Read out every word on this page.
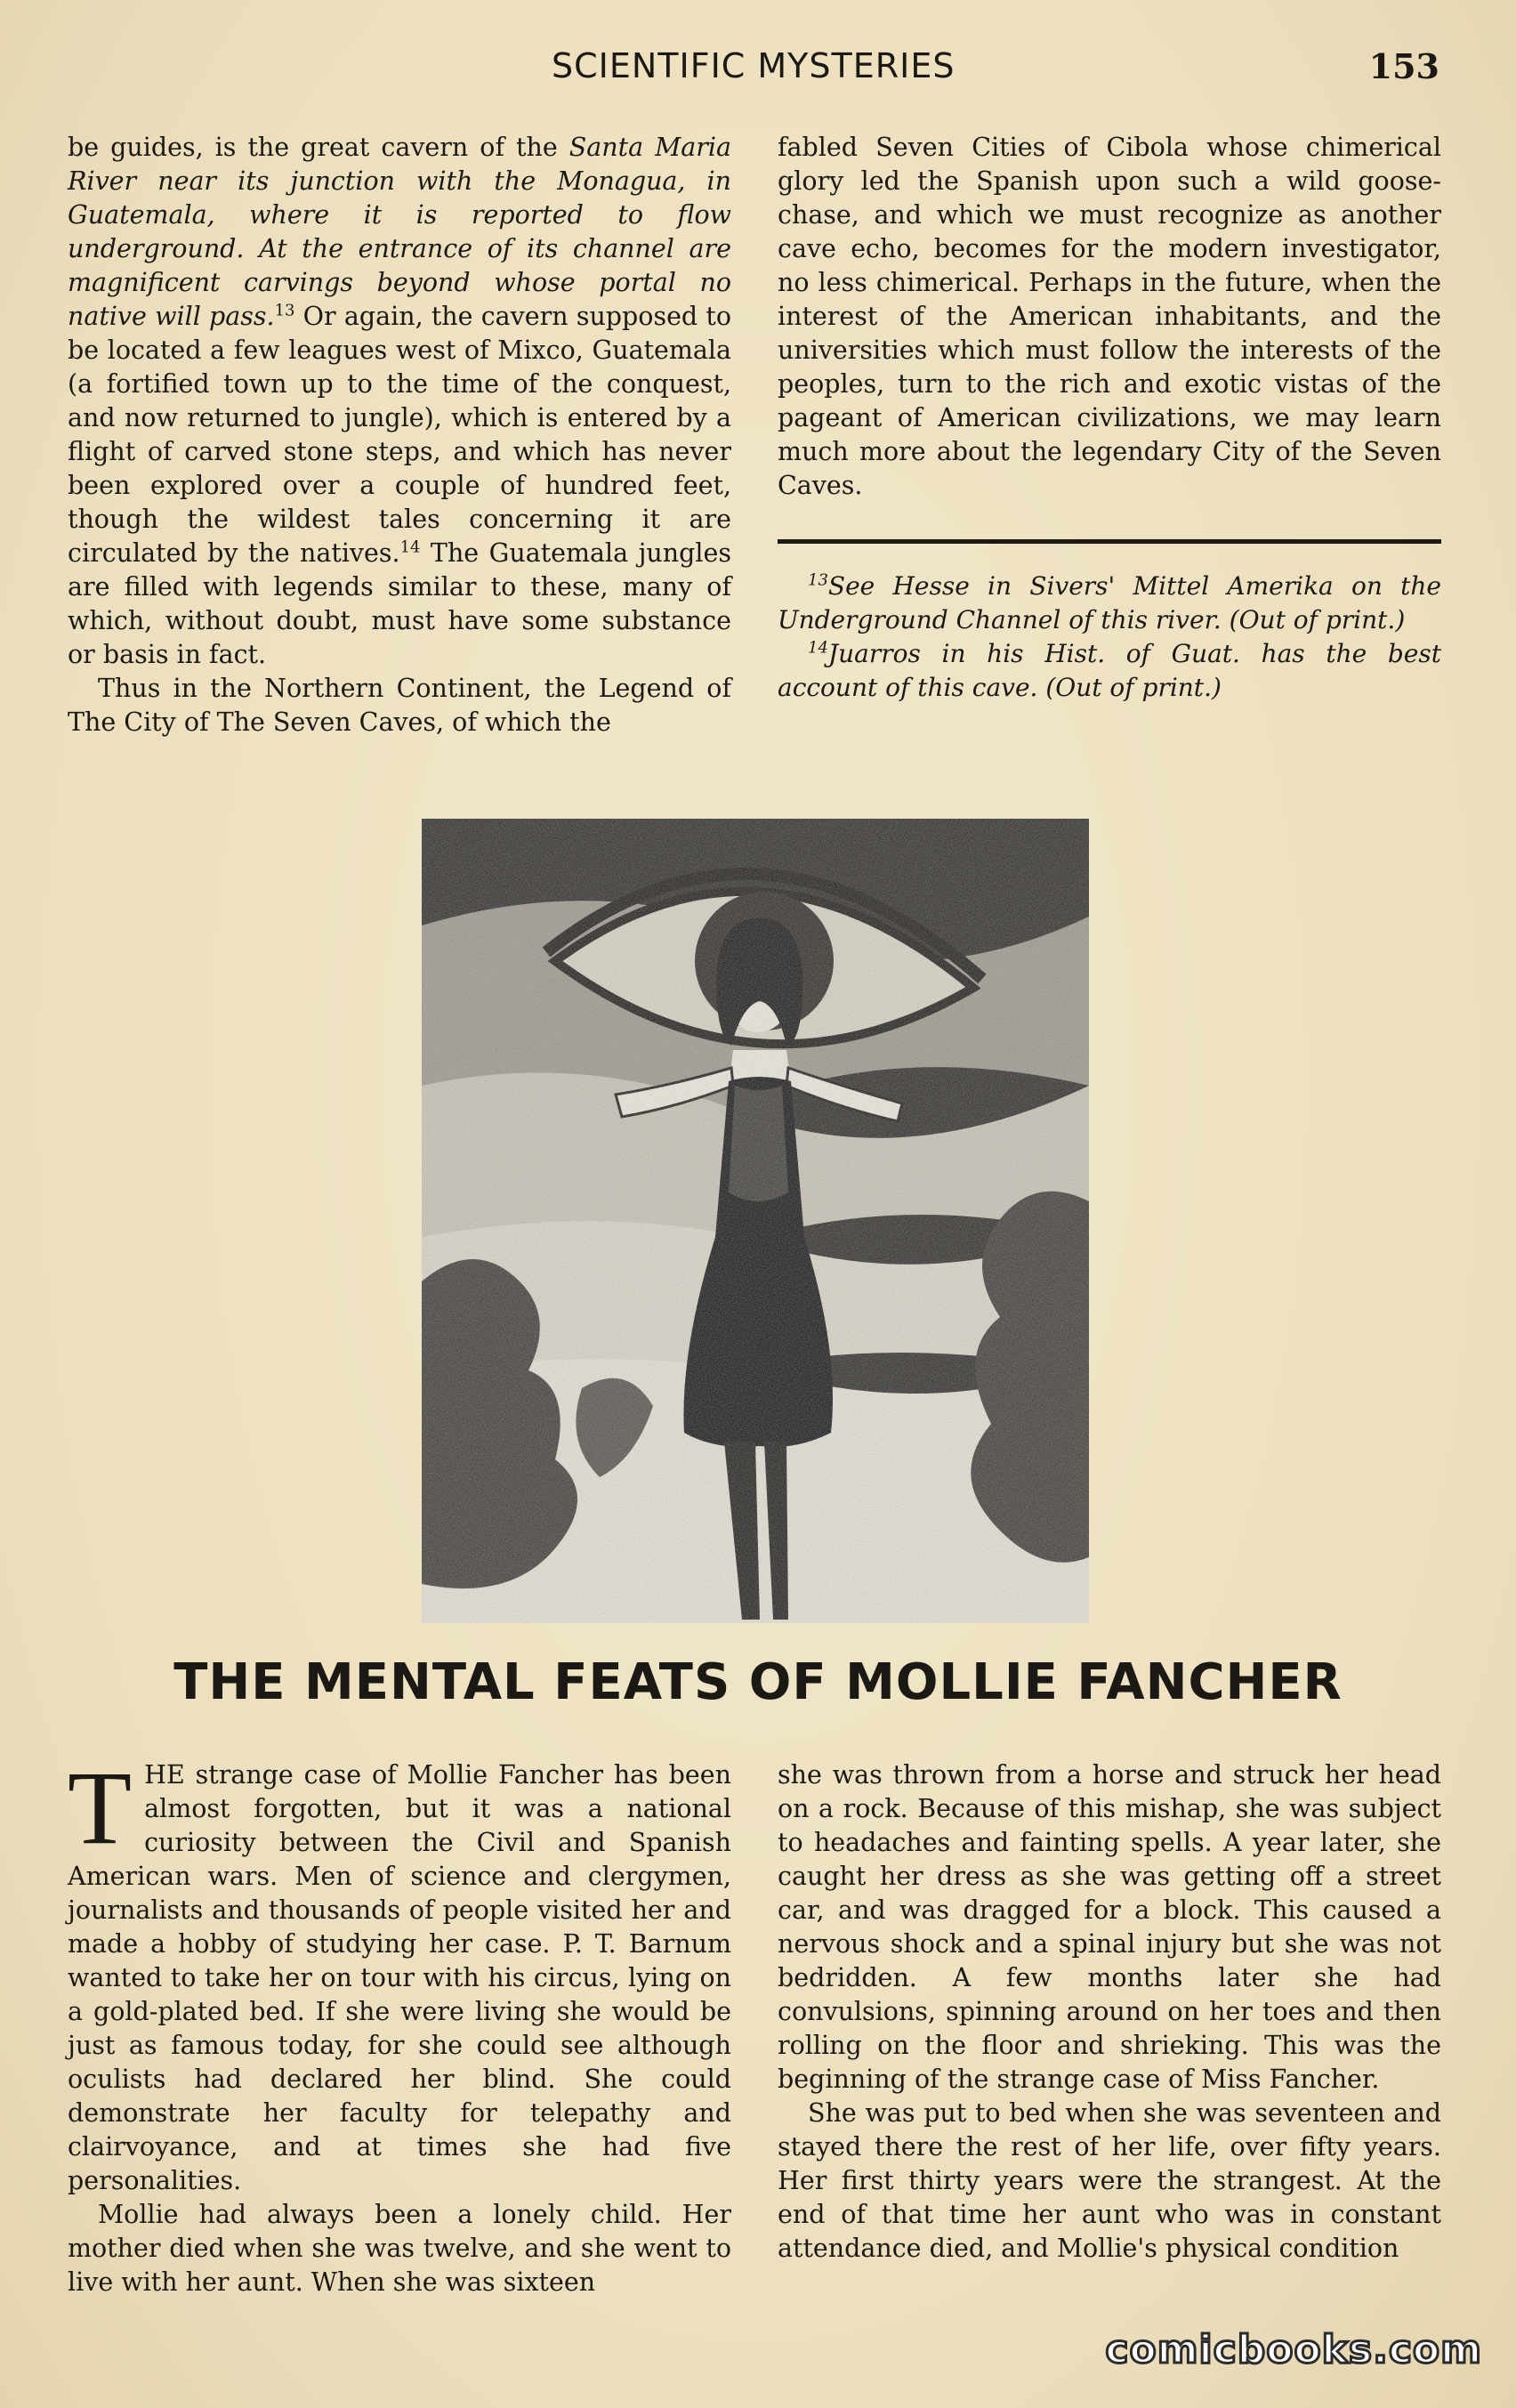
SCIENTIFIC MYSTERIES	153

be guides, is the great cavern of the Santa Maria River near its junction with the Monagua, in Guatemala, where it is reported to flow underground. At the entrance of its channel are magnificent carvings beyond whose portal no native will pass.$^{13}$ Or again, the cavern supposed to be located a few leagues west of Mixco, Guatemala (a fortified town up to the time of the conquest, and now returned to jungle), which is entered by a flight of carved stone steps, and which has never been explored over a couple of hundred feet, though the wildest tales concerning it are circulated by the natives.$^{14}$ The Guatemala jungles are filled with legends similar to these, many of which, without doubt, must have some substance or basis in fact.

Thus in the Northern Continent, the Legend of The City of The Seven Caves, of which the

fabled Seven Cities of Cibola whose chimerical glory led the Spanish upon such a wild goose-chase, and which we must recognize as another cave echo, becomes for the modern investigator, no less chimerical. Perhaps in the future, when the interest of the American inhabitants, and the universities which must follow the interests of the peoples, turn to the rich and exotic vistas of the pageant of American civilizations, we may learn much more about the legendary City of the Seven Caves.

$^{13}$See Hesse in Sivers' Mittel Amerika on the Underground Channel of this river. (Out of print.)

$^{14}$Juarros in his Hist. of Guat. has the best account of this cave. (Out of print.)

THE MENTAL FEATS OF MOLLIE FANCHER

THE strange case of Mollie Fancher has been almost forgotten, but it was a national curiosity between the Civil and Spanish American wars. Men of science and clergymen, journalists and thousands of people visited her and made a hobby of studying her case. P. T. Barnum wanted to take her on tour with his circus, lying on a gold-plated bed. If she were living she would be just as famous today, for she could see although oculists had declared her blind. She could demonstrate her faculty for telepathy and clairvoyance, and at times she had five personalities.

Mollie had always been a lonely child. Her mother died when she was twelve, and she went to live with her aunt. When she was sixteen

she was thrown from a horse and struck her head on a rock. Because of this mishap, she was subject to headaches and fainting spells. A year later, she caught her dress as she was getting off a street car, and was dragged for a block. This caused a nervous shock and a spinal injury but she was not bedridden. A few months later she had convulsions, spinning around on her toes and then rolling on the floor and shrieking. This was the beginning of the strange case of Miss Fancher.

She was put to bed when she was seventeen and stayed there the rest of her life, over fifty years. Her first thirty years were the strangest. At the end of that time her aunt who was in constant attendance died, and Mollie's physical condition

comicbooks.com
